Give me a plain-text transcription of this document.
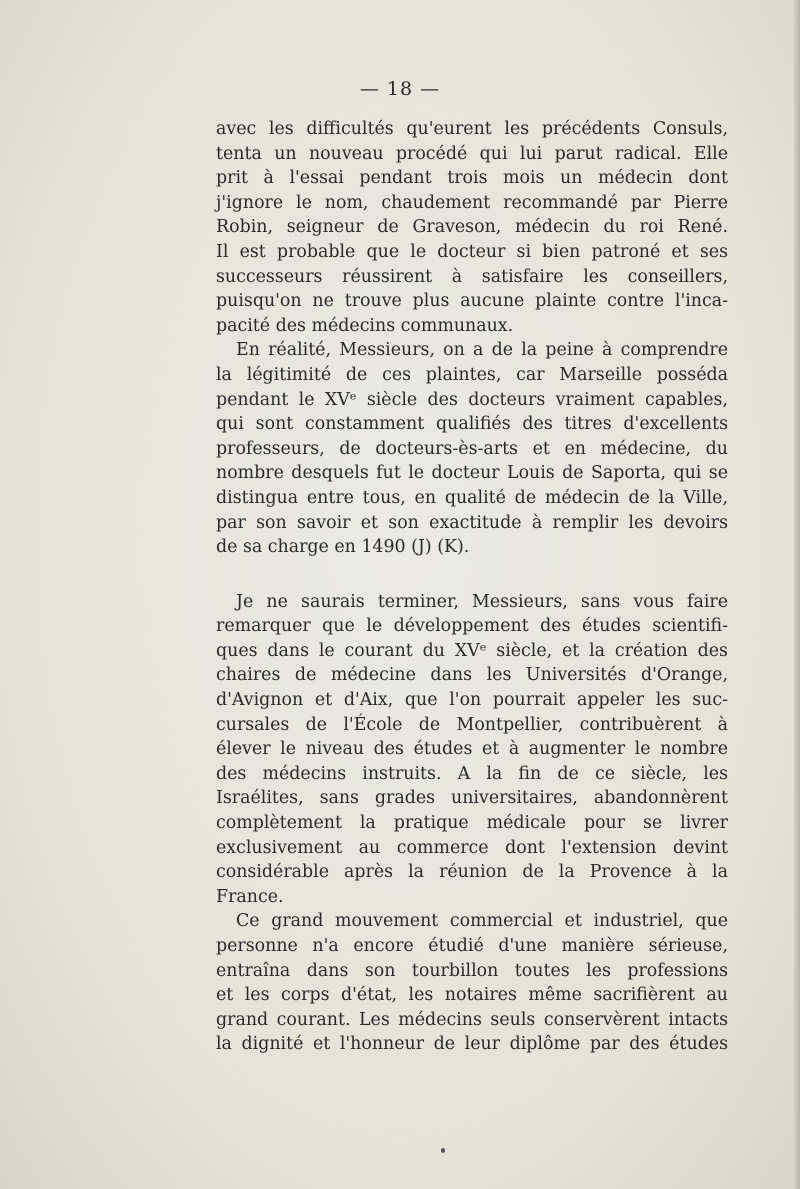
— 18 —
avec les difficultés qu'eurent les précédents Consuls,
tenta un nouveau procédé qui lui parut radical. Elle
prit à l'essai pendant trois mois un médecin dont
j'ignore le nom, chaudement recommandé par Pierre
Robin, seigneur de Graveson, médecin du roi René.
Il est probable que le docteur si bien patroné et ses
successeurs réussirent à satisfaire les conseillers,
puisqu'on ne trouve plus aucune plainte contre l'inca-
pacité des médecins communaux.
En réalité, Messieurs, on a de la peine à comprendre
la légitimité de ces plaintes, car Marseille posséda
pendant le XVᵉ siècle des docteurs vraiment capables,
qui sont constamment qualifiés des titres d'excellents
professeurs, de docteurs-ès-arts et en médecine, du
nombre desquels fut le docteur Louis de Saporta, qui se
distingua entre tous, en qualité de médecin de la Ville,
par son savoir et son exactitude à remplir les devoirs
de sa charge en 1490 (J) (K).
Je ne saurais terminer, Messieurs, sans vous faire
remarquer que le développement des études scientifi-
ques dans le courant du XVᵉ siècle, et la création des
chaires de médecine dans les Universités d'Orange,
d'Avignon et d'Aix, que l'on pourrait appeler les suc-
cursales de l'École de Montpellier, contribuèrent à
élever le niveau des études et à augmenter le nombre
des médecins instruits. A la fin de ce siècle, les
Israélites, sans grades universitaires, abandonnèrent
complètement la pratique médicale pour se livrer
exclusivement au commerce dont l'extension devint
considérable après la réunion de la Provence à la
France.
Ce grand mouvement commercial et industriel, que
personne n'a encore étudié d'une manière sérieuse,
entraîna dans son tourbillon toutes les professions
et les corps d'état, les notaires même sacrifièrent au
grand courant. Les médecins seuls conservèrent intacts
la dignité et l'honneur de leur diplôme par des études
